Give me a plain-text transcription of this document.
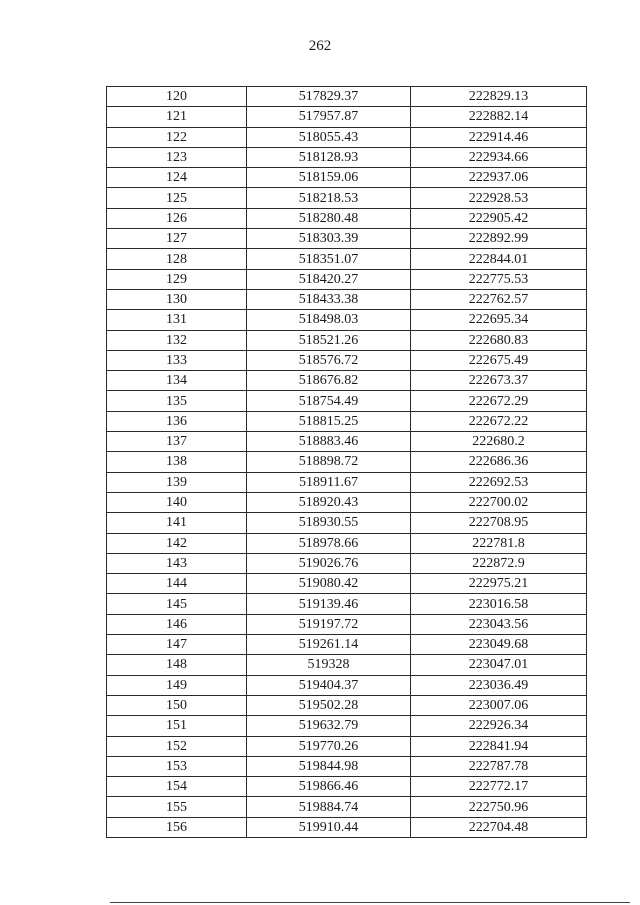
262
120	517829.37	222829.13
121	517957.87	222882.14
122	518055.43	222914.46
123	518128.93	222934.66
124	518159.06	222937.06
125	518218.53	222928.53
126	518280.48	222905.42
127	518303.39	222892.99
128	518351.07	222844.01
129	518420.27	222775.53
130	518433.38	222762.57
131	518498.03	222695.34
132	518521.26	222680.83
133	518576.72	222675.49
134	518676.82	222673.37
135	518754.49	222672.29
136	518815.25	222672.22
137	518883.46	222680.2
138	518898.72	222686.36
139	518911.67	222692.53
140	518920.43	222700.02
141	518930.55	222708.95
142	518978.66	222781.8
143	519026.76	222872.9
144	519080.42	222975.21
145	519139.46	223016.58
146	519197.72	223043.56
147	519261.14	223049.68
148	519328	223047.01
149	519404.37	223036.49
150	519502.28	223007.06
151	519632.79	222926.34
152	519770.26	222841.94
153	519844.98	222787.78
154	519866.46	222772.17
155	519884.74	222750.96
156	519910.44	222704.48
